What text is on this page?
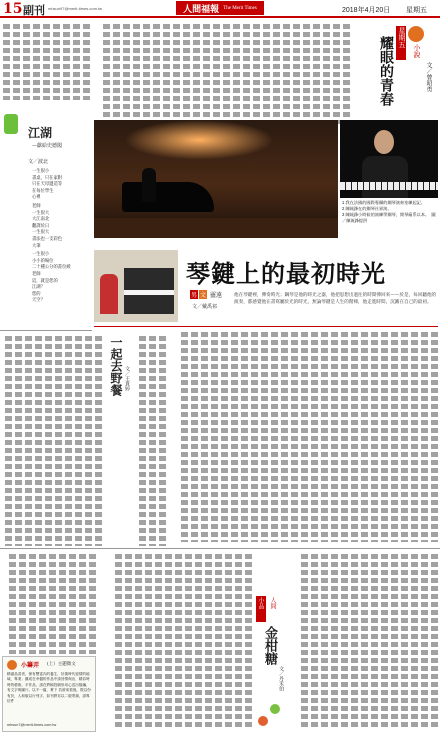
15 副刊 mhsun97@merit-times.com.tw	人間福報 The Merit Times	2018年4月20日 星期五
星期五
小說
耀眼的青春	文／曾昭勇
江湖
—獻給史德閣
文／波北
一生很小
書桌，只在家附
只在天母邊造等
在每位學生
心裡
老師
一生很大
大江南北
翻譯於日
一生很大
書法也一支彩色
大筆
一生很小
小小的場位
二十種公分的書位緩
老師
這，就是您的
江湖？
您的
天空？
1 我在法國的國際專攝的鋼琴演奏室練起記。
2 陳琉鋒在的鋼琴社界演。
3 陳琉鋒小時候的演練學鋼琴，開琴廠系以本。　圖／陳琉鋒提供
琴鍵上的最初時光
男 文 靈遠
文／戴禹祁
他在琴鍵裡，彈奏時光；鋼琴是他的時光之器，他把思想出過往的時間彈回來——於是，每回聽他的演奏，都感覺他在書寫屬於光的時光，無論琴鍵是人生的階梯，他走進時間，沉澱在自己的最初。
一起去野餐 文／王貴婷
小品 人間
金柑糖
文／丹禾伯
小籌弄 (上）主題徵文
精湛品清者，保有豐富內的養生，好歲時代留情的地域，專業；雖成在幸盤的作品中請回情與出，精彩時時的藝術。平作品，請在將稿投稿形用心送出版編，有文字與圖片。以不一篇，實下 若被來看後，徵以份有於，人和版以行列字，如刊將另以二版寄讀，請專信件
mhsun7@merit-times.com.tw
